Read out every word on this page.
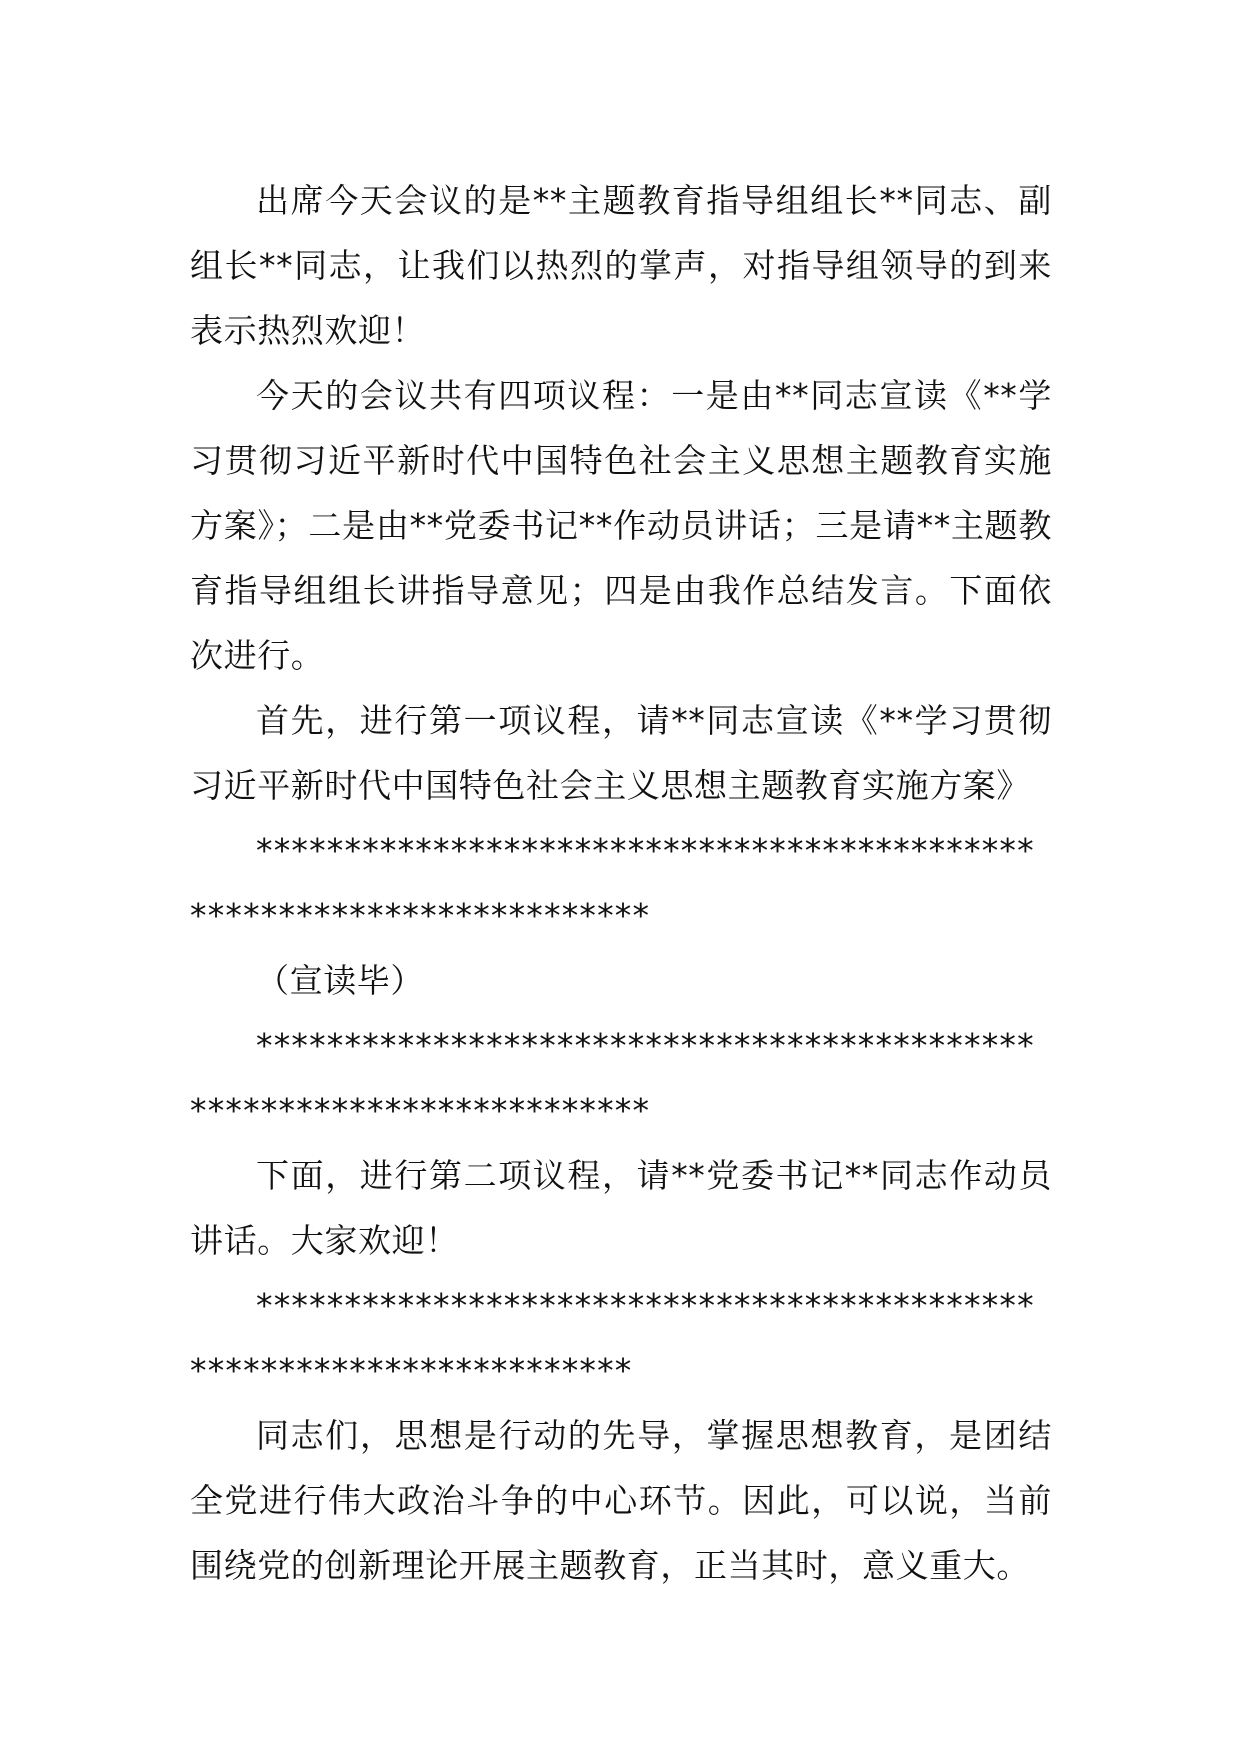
出席今天会议的是**主题教育指导组组长**同志、副组长**同志，让我们以热烈的掌声，对指导组领导的到来表示热烈欢迎！

今天的会议共有四项议程：一是由**同志宣读《**学习贯彻习近平新时代中国特色社会主义思想主题教育实施方案》；二是由**党委书记**作动员讲话；三是请**主题教育指导组组长讲指导意见；四是由我作总结发言。下面依次进行。

首先，进行第一项议程，请**同志宣读《**学习贯彻习近平新时代中国特色社会主义思想主题教育实施方案》

**********************************************************************

（宣读毕）

**********************************************************************

下面，进行第二项议程，请**党委书记**同志作动员讲话。大家欢迎！

*********************************************************************

同志们，思想是行动的先导，掌握思想教育，是团结全党进行伟大政治斗争的中心环节。因此，可以说，当前围绕党的创新理论开展主题教育，正当其时，意义重大。
